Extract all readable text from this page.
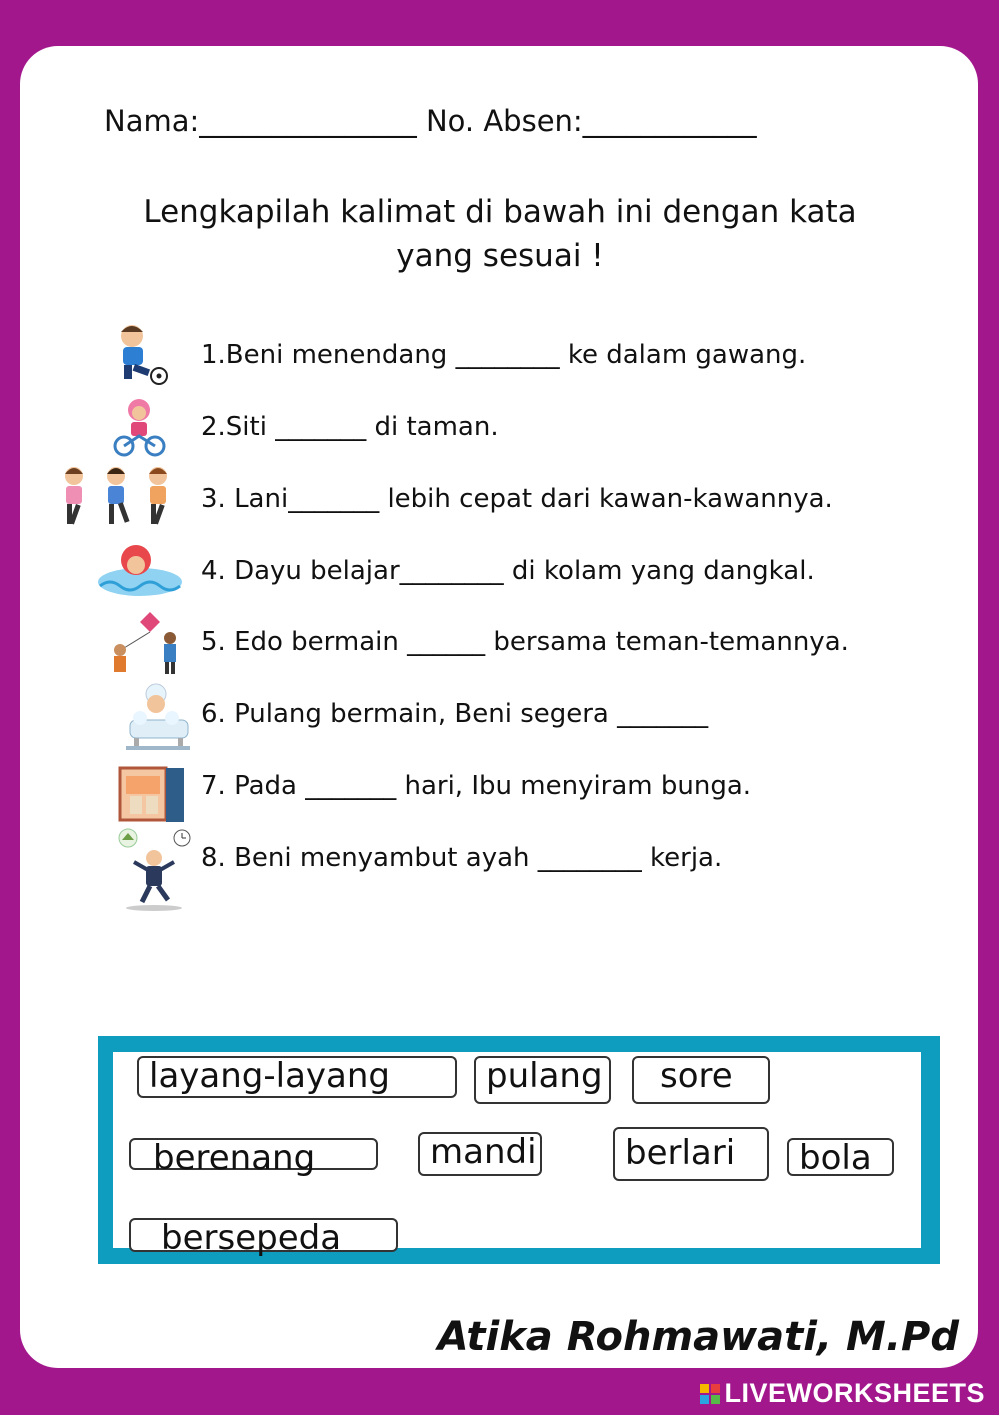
Nama:_______________ No. Absen:____________
Lengkapilah kalimat di bawah ini dengan kata
yang sesuai !
1.Beni menendang ________ ke dalam gawang.
2.Siti _______ di taman.
3. Lani_______ lebih cepat dari kawan-kawannya.
4. Dayu belajar________ di kolam yang dangkal.
5. Edo bermain ______ bersama teman-temannya.
6. Pulang bermain, Beni segera _______
7. Pada _______ hari, Ibu menyiram bunga.
8. Beni menyambut ayah ________ kerja.
layang-layang	pulang	sore
berenang	mandi	berlari	bola
bersepeda
Atika Rohmawati, M.Pd
LIVEWORKSHEETS
